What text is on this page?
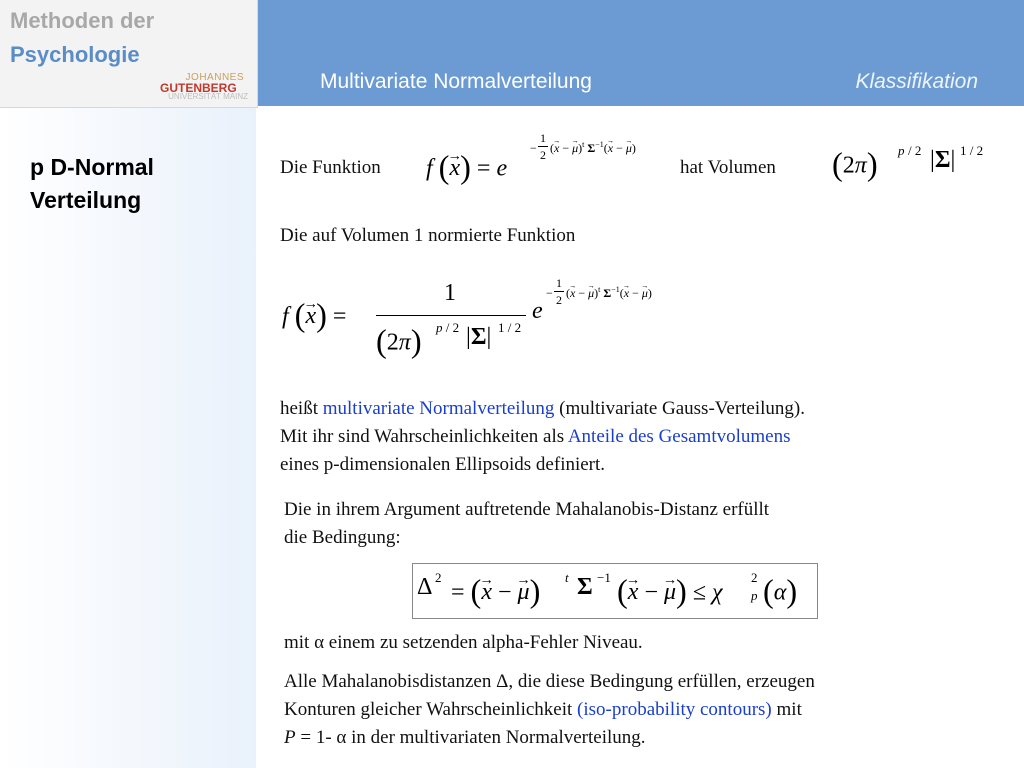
Methoden der
Psychologie
JOHANNES
GUTENBERG
UNIVERSITÄT MAINZ
Multivariate Normalverteilung	Klassifikation
p D-Normal Verteilung
Die Funktion f (→ x) = e
−
1
2 (→ x − → μ)$^t$ $\Sigma^{-1}(\to x$ − → μ)
hat Volumen (2π) p / 2 |Σ| 1 / 2
Die auf Volumen 1 normierte Funktion
f (→ x) =
1
(2π) p / 2 |Σ| 1 / 2
e
−
1
2 (→ x − → μ)$^t$ $\Sigma^{-1}(\to x$ − → μ)
heißt multivariate Normalverteilung (multivariate Gauss-Verteilung).
Mit ihr sind Wahrscheinlichkeiten als Anteile des Gesamtvolumens
eines p-dimensionalen Ellipsoids definiert.
Die in ihrem Argument auftretende Mahalanobis-Distanz erfüllt
die Bedingung:
Δ 2
= (→ x − → μ) t Σ −1 (→ x − → μ) ≤ χ
2
p (α)
mit α einem zu setzenden alpha-Fehler Niveau.
Alle Mahalanobisdistanzen Δ, die diese Bedingung erfüllen, erzeugen
Konturen gleicher Wahrscheinlichkeit (iso-probability contours) mit
P = 1- α in der multivariaten Normalverteilung.
